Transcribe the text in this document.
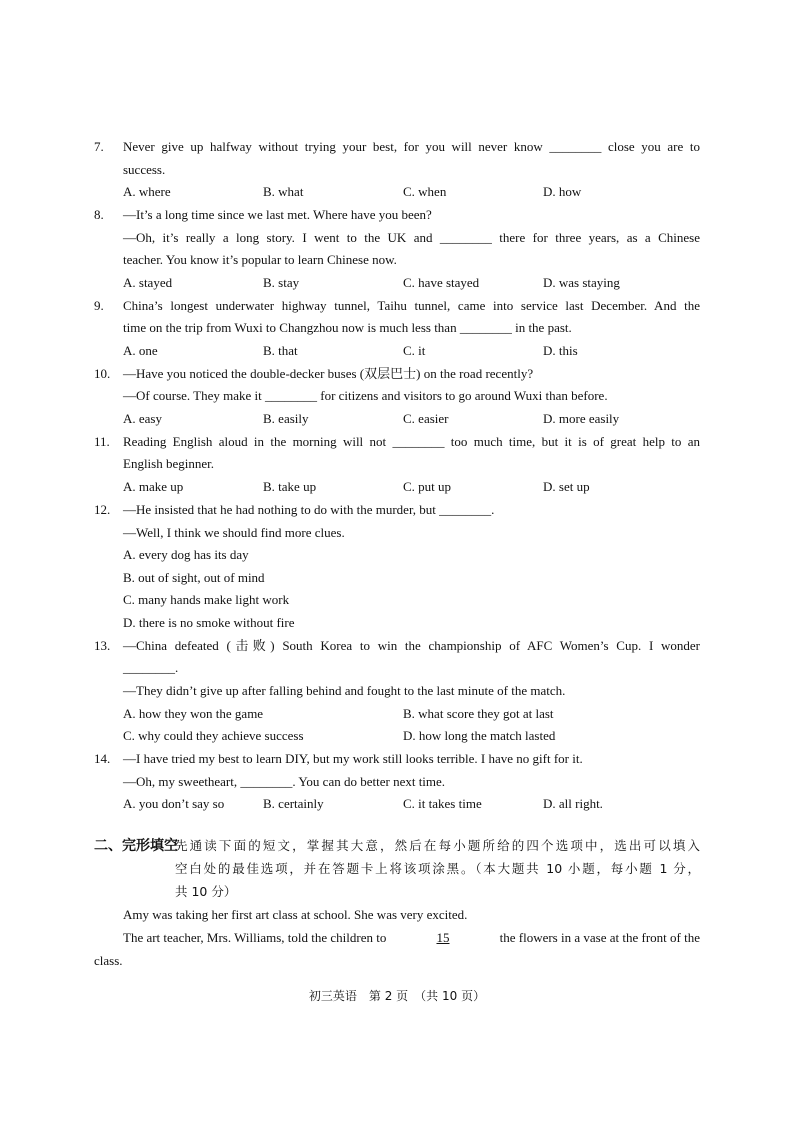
7. Never give up halfway without trying your best, for you will never know ________ close you are to
success.
A. where	B. what	C. when	D. how
8. —It’s a long time since we last met. Where have you been?
—Oh, it’s really a long story. I went to the UK and ________ there for three years, as a Chinese
teacher. You know it’s popular to learn Chinese now.
A. stayed	B. stay	C. have stayed	D. was staying
9. China’s longest underwater highway tunnel, Taihu tunnel, came into service last December. And the
time on the trip from Wuxi to Changzhou now is much less than ________ in the past.
A. one	B. that	C. it	D. this
10. —Have you noticed the double-decker buses (双层巴士) on the road recently?
—Of course. They make it ________ for citizens and visitors to go around Wuxi than before.
A. easy	B. easily	C. easier	D. more easily
11. Reading English aloud in the morning will not ________ too much time, but it is of great help to an
English beginner.
A. make up	B. take up	C. put up	D. set up
12. —He insisted that he had nothing to do with the murder, but ________.
—Well, I think we should find more clues.
A. every dog has its day
B. out of sight, out of mind
C. many hands make light work
D. there is no smoke without fire
13. —China defeated (击败) South Korea to win the championship of AFC Women’s Cup. I wonder
________.
—They didn’t give up after falling behind and fought to the last minute of the match.
A. how they won the game	B. what score they got at last
C. why could they achieve success	D. how long the match lasted
14. —I have tried my best to learn DIY, but my work still looks terrible. I have no gift for it.
—Oh, my sweetheart, ________. You can do better next time.
A. you don’t say so	B. certainly	C. it takes time	D. all right.
二、完形填空
先通读下面的短文，掌握其大意，然后在每小题所给的四个选项中，选出可以填入
空白处的最佳选项，并在答题卡上将该项涂黑。（本大题共 10 小题，每小题 1 分，
共 10 分）
Amy was taking her first art class at school. She was very excited.
The art teacher, Mrs. Williams, told the children to	15	the flowers in a vase at the front of the
class.
初三英语　第 2 页　（共 10 页）
